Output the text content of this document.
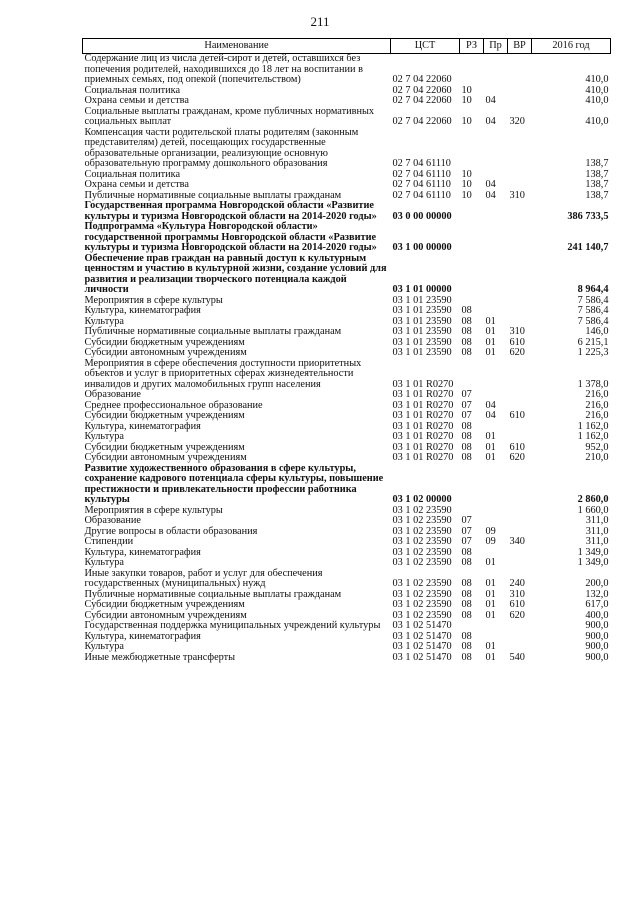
211
Наименование	ЦСТ	РЗ	Пр	ВР	2016 год
Содержание лиц из числа детей-сирот и детей, оставшихся без попечения родителей, находившихся до 18 лет на воспитании в приемных семьях, под опекой (попечительством)	02 7 04 22060				410,0
Социальная политика	02 7 04 22060	10			410,0
Охрана семьи и детства	02 7 04 22060	10	04		410,0
Социальные выплаты гражданам, кроме публичных нормативных социальных выплат	02 7 04 22060	10	04	320	410,0
Компенсация части родительской платы родителям (законным представителям) детей, посещающих государственные образовательные организации, реализующие основную образовательную программу дошкольного образования	02 7 04 61110				138,7
Социальная политика	02 7 04 61110	10			138,7
Охрана семьи и детства	02 7 04 61110	10	04		138,7
Публичные нормативные социальные выплаты гражданам	02 7 04 61110	10	04	310	138,7
Государственная программа Новгородской области «Развитие культуры и туризма Новгородской области на 2014-2020 годы»	03 0 00 00000				386 733,5
Подпрограмма «Культура Новгородской области» государственной программы Новгородской области «Развитие культуры и туризма Новгородской области на 2014-2020 годы»	03 1 00 00000				241 140,7
Обеспечение прав граждан на равный доступ к культурным ценностям и участию в культурной жизни, создание условий для развития и реализации творческого потенциала каждой личности	03 1 01 00000				8 964,4
Мероприятия в сфере культуры	03 1 01 23590				7 586,4
Культура, кинематография	03 1 01 23590	08			7 586,4
Культура	03 1 01 23590	08	01		7 586,4
Публичные нормативные социальные выплаты гражданам	03 1 01 23590	08	01	310	146,0
Субсидии бюджетным учреждениям	03 1 01 23590	08	01	610	6 215,1
Субсидии автономным учреждениям	03 1 01 23590	08	01	620	1 225,3
Мероприятия в сфере обеспечения доступности приоритетных объектов и услуг в приоритетных сферах жизнедеятельности инвалидов и других маломобильных групп населения	03 1 01 R0270				1 378,0
Образование	03 1 01 R0270	07			216,0
Среднее профессиональное образование	03 1 01 R0270	07	04		216,0
Субсидии бюджетным учреждениям	03 1 01 R0270	07	04	610	216,0
Культура, кинематография	03 1 01 R0270	08			1 162,0
Культура	03 1 01 R0270	08	01		1 162,0
Субсидии бюджетным учреждениям	03 1 01 R0270	08	01	610	952,0
Субсидии автономным учреждениям	03 1 01 R0270	08	01	620	210,0
Развитие художественного образования в сфере культуры, сохранение кадрового потенциала сферы культуры, повышение престижности и привлекательности профессии работника культуры	03 1 02 00000				2 860,0
Мероприятия в сфере культуры	03 1 02 23590				1 660,0
Образование	03 1 02 23590	07			311,0
Другие вопросы в области образования	03 1 02 23590	07	09		311,0
Стипендии	03 1 02 23590	07	09	340	311,0
Культура, кинематография	03 1 02 23590	08			1 349,0
Культура	03 1 02 23590	08	01		1 349,0
Иные закупки товаров, работ и услуг для обеспечения государственных (муниципальных) нужд	03 1 02 23590	08	01	240	200,0
Публичные нормативные социальные выплаты гражданам	03 1 02 23590	08	01	310	132,0
Субсидии бюджетным учреждениям	03 1 02 23590	08	01	610	617,0
Субсидии автономным учреждениям	03 1 02 23590	08	01	620	400,0
Государственная поддержка муниципальных учреждений культуры	03 1 02 51470				900,0
Культура, кинематография	03 1 02 51470	08			900,0
Культура	03 1 02 51470	08	01		900,0
Иные межбюджетные трансферты	03 1 02 51470	08	01	540	900,0
